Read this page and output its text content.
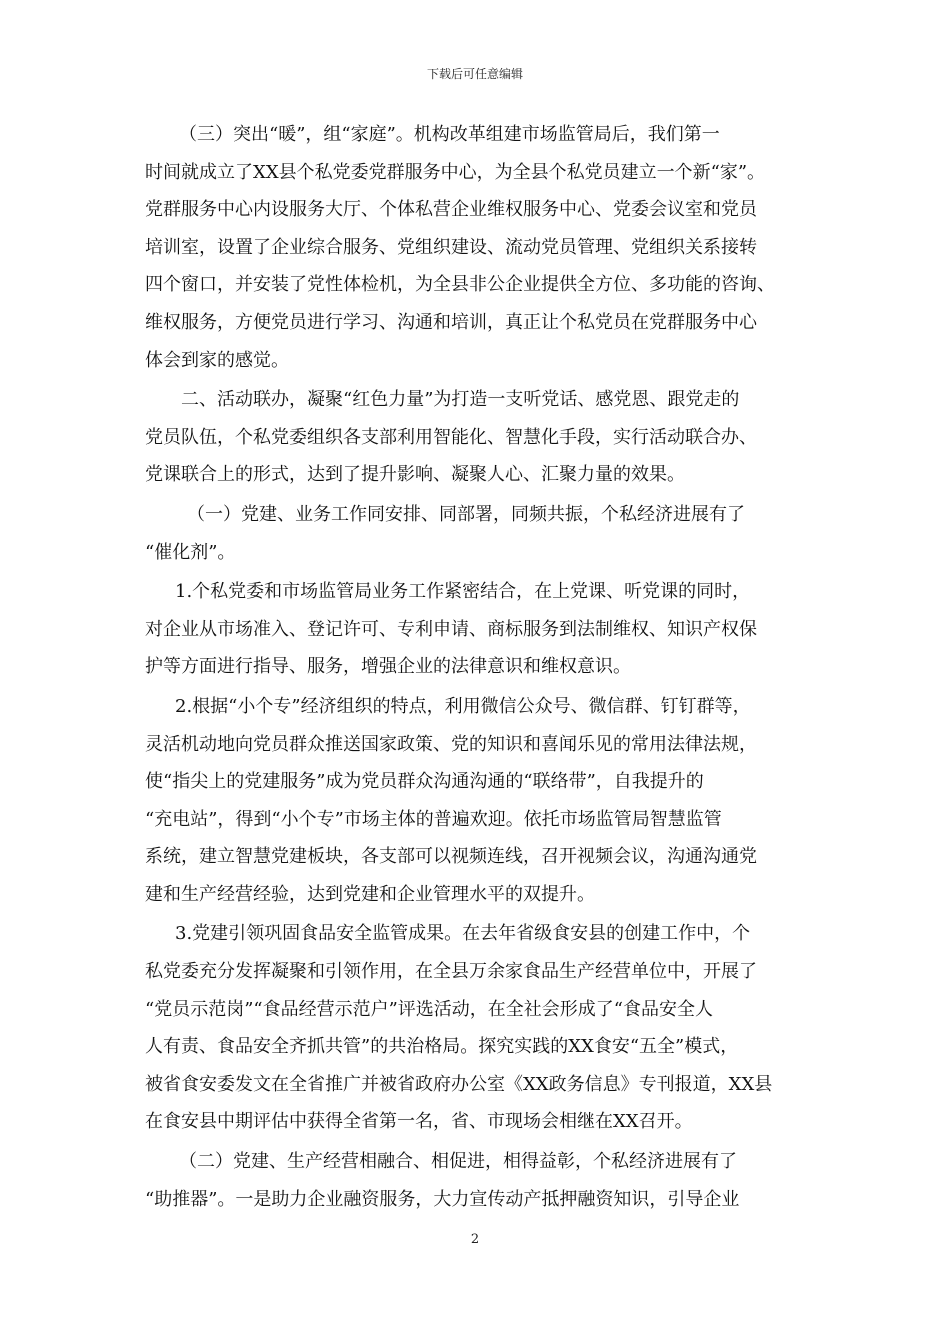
下载后可任意编辑
（三）突出“暖”，组“家庭”。机构改革组建市场监管局后，我们第一
时间就成立了XX县个私党委党群服务中心，为全县个私党员建立一个新“家”。
党群服务中心内设服务大厅、个体私营企业维权服务中心、党委会议室和党员
培训室，设置了企业综合服务、党组织建设、流动党员管理、党组织关系接转
四个窗口，并安装了党性体检机，为全县非公企业提供全方位、多功能的咨询、
维权服务，方便党员进行学习、沟通和培训，真正让个私党员在党群服务中心
体会到家的感觉。
二、活动联办，凝聚“红色力量”为打造一支听党话、感党恩、跟党走的
党员队伍，个私党委组织各支部利用智能化、智慧化手段，实行活动联合办、
党课联合上的形式，达到了提升影响、凝聚人心、汇聚力量的效果。
（一）党建、业务工作同安排、同部署，同频共振，个私经济进展有了
“催化剂”。
1.个私党委和市场监管局业务工作紧密结合，在上党课、听党课的同时，
对企业从市场准入、登记许可、专利申请、商标服务到法制维权、知识产权保
护等方面进行指导、服务，增强企业的法律意识和维权意识。
2.根据“小个专”经济组织的特点，利用微信公众号、微信群、钉钉群等，
灵活机动地向党员群众推送国家政策、党的知识和喜闻乐见的常用法律法规，
使“指尖上的党建服务”成为党员群众沟通沟通的“联络带”，自我提升的
“充电站”，得到“小个专”市场主体的普遍欢迎。依托市场监管局智慧监管
系统，建立智慧党建板块，各支部可以视频连线，召开视频会议，沟通沟通党
建和生产经营经验，达到党建和企业管理水平的双提升。
3.党建引领巩固食品安全监管成果。在去年省级食安县的创建工作中，个
私党委充分发挥凝聚和引领作用，在全县万余家食品生产经营单位中，开展了
“党员示范岗”“食品经营示范户”评选活动，在全社会形成了“食品安全人
人有责、食品安全齐抓共管”的共治格局。探究实践的XX食安“五全”模式，
被省食安委发文在全省推广并被省政府办公室《XX政务信息》专刊报道，XX县
在食安县中期评估中获得全省第一名，省、市现场会相继在XX召开。
（二）党建、生产经营相融合、相促进，相得益彰，个私经济进展有了
“助推器”。一是助力企业融资服务，大力宣传动产抵押融资知识，引导企业
2
